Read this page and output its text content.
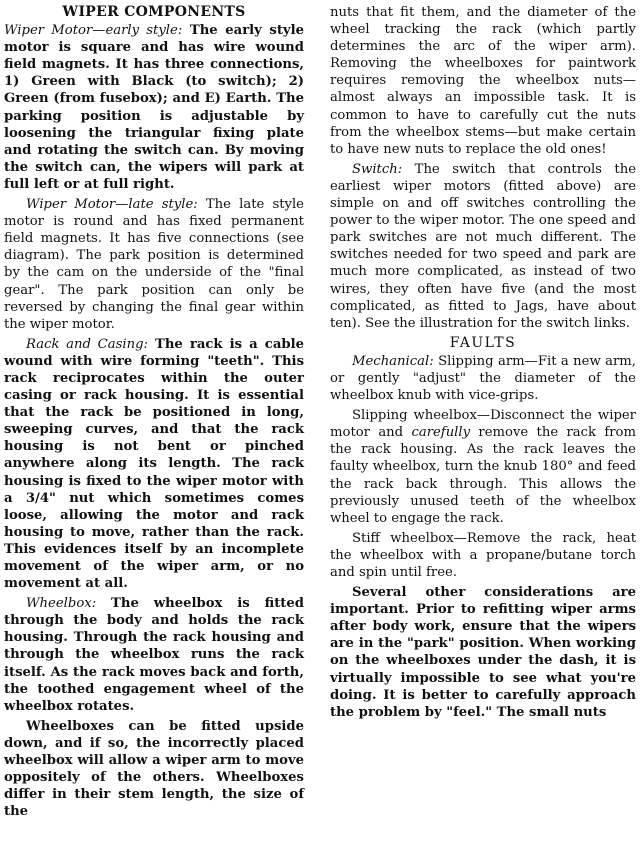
WIPER COMPONENTS

Wiper Motor—early style: The early style motor is square and has wire wound field magnets. It has three connections, 1) Green with Black (to switch); 2) Green (from fusebox); and E) Earth. The parking position is adjustable by loosening the triangular fixing plate and rotating the switch can. By moving the switch can, the wipers will park at full left or at full right.

Wiper Motor—late style: The late style motor is round and has fixed permanent field magnets. It has five connections (see diagram). The park position is determined by the cam on the underside of the "final gear". The park position can only be reversed by changing the final gear within the wiper motor.

Rack and Casing: The rack is a cable wound with wire forming "teeth". This rack reciprocates within the outer casing or rack housing. It is essential that the rack be positioned in long, sweeping curves, and that the rack housing is not bent or pinched anywhere along its length. The rack housing is fixed to the wiper motor with a 3/4" nut which sometimes comes loose, allowing the motor and rack housing to move, rather than the rack. This evidences itself by an incomplete movement of the wiper arm, or no movement at all.

Wheelbox: The wheelbox is fitted through the body and holds the rack housing. Through the rack housing and through the wheelbox runs the rack itself. As the rack moves back and forth, the toothed engagement wheel of the wheelbox rotates.

Wheelboxes can be fitted upside down, and if so, the incorrectly placed wheelbox will allow a wiper arm to move oppositely of the others. Wheelboxes differ in their stem length, the size of the

nuts that fit them, and the diameter of the wheel tracking the rack (which partly determines the arc of the wiper arm). Removing the wheelboxes for paintwork requires removing the wheelbox nuts—almost always an impossible task. It is common to have to carefully cut the nuts from the wheelbox stems—but make certain to have new nuts to replace the old ones!

Switch: The switch that controls the earliest wiper motors (fitted above) are simple on and off switches controlling the power to the wiper motor. The one speed and park switches are not much different. The switches needed for two speed and park are much more complicated, as instead of two wires, they often have five (and the most complicated, as fitted to Jags, have about ten). See the illustration for the switch links.

FAULTS

Mechanical: Slipping arm—Fit a new arm, or gently "adjust" the diameter of the wheelbox knub with vice-grips.

Slipping wheelbox—Disconnect the wiper motor and carefully remove the rack from the rack housing. As the rack leaves the faulty wheelbox, turn the knub 180° and feed the rack back through. This allows the previously unused teeth of the wheelbox wheel to engage the rack.

Stiff wheelbox—Remove the rack, heat the wheelbox with a propane/butane torch and spin until free.

Several other considerations are important. Prior to refitting wiper arms after body work, ensure that the wipers are in the "park" position. When working on the wheelboxes under the dash, it is virtually impossible to see what you're doing. It is better to carefully approach the problem by "feel." The small nuts
